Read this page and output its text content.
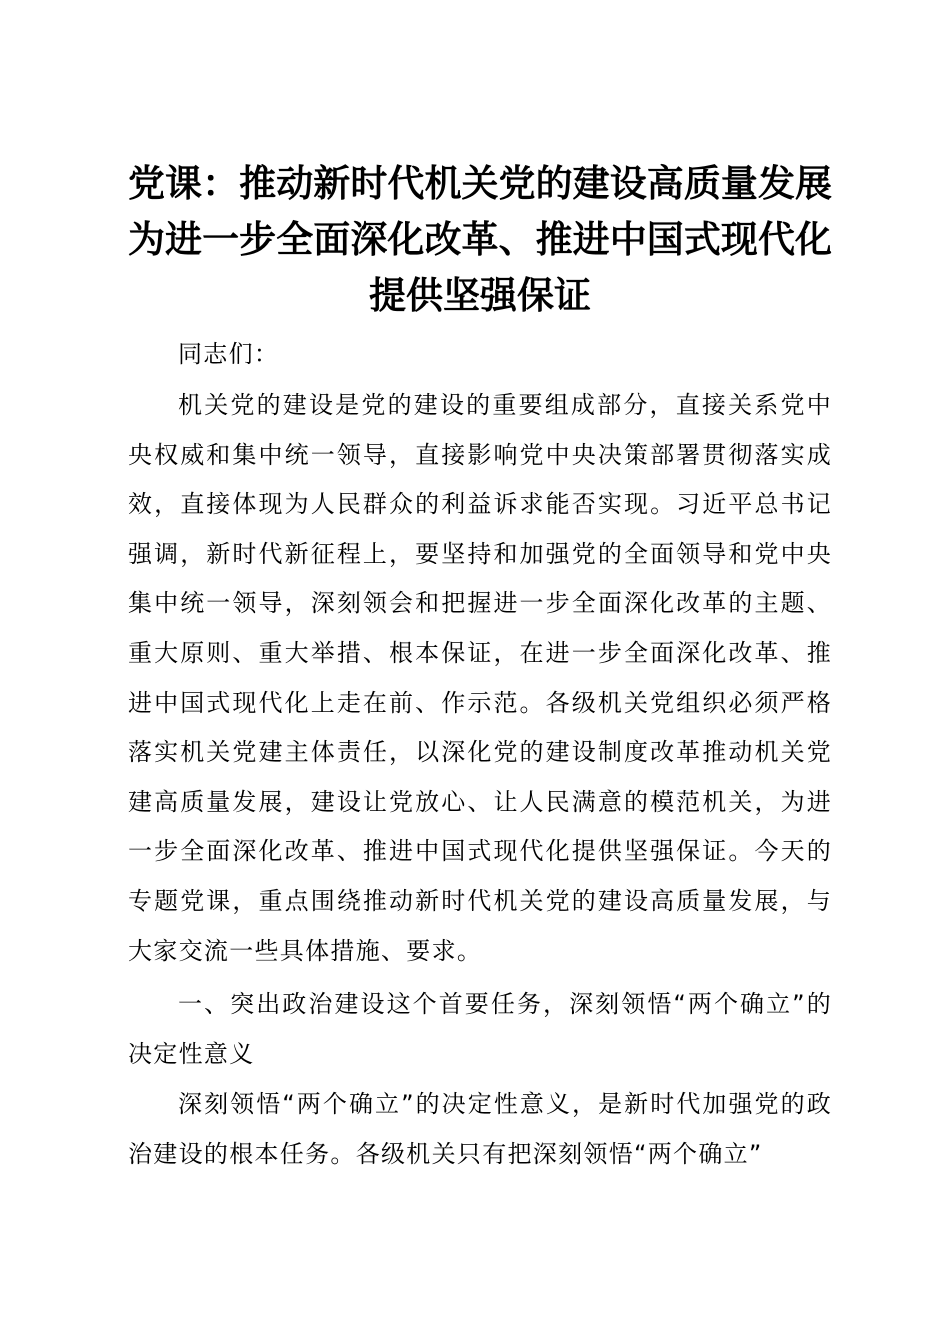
党课：推动新时代机关党的建设高质量发展为进一步全面深化改革、推进中国式现代化提供坚强保证

同志们：

机关党的建设是党的建设的重要组成部分，直接关系党中央权威和集中统一领导，直接影响党中央决策部署贯彻落实成效，直接体现为人民群众的利益诉求能否实现。习近平总书记强调，新时代新征程上，要坚持和加强党的全面领导和党中央集中统一领导，深刻领会和把握进一步全面深化改革的主题、重大原则、重大举措、根本保证，在进一步全面深化改革、推进中国式现代化上走在前、作示范。各级机关党组织必须严格落实机关党建主体责任，以深化党的建设制度改革推动机关党建高质量发展，建设让党放心、让人民满意的模范机关，为进一步全面深化改革、推进中国式现代化提供坚强保证。今天的专题党课，重点围绕推动新时代机关党的建设高质量发展，与大家交流一些具体措施、要求。

一、突出政治建设这个首要任务，深刻领悟“两个确立”的决定性意义

深刻领悟“两个确立”的决定性意义，是新时代加强党的政治建设的根本任务。各级机关只有把深刻领悟“两个确立”
